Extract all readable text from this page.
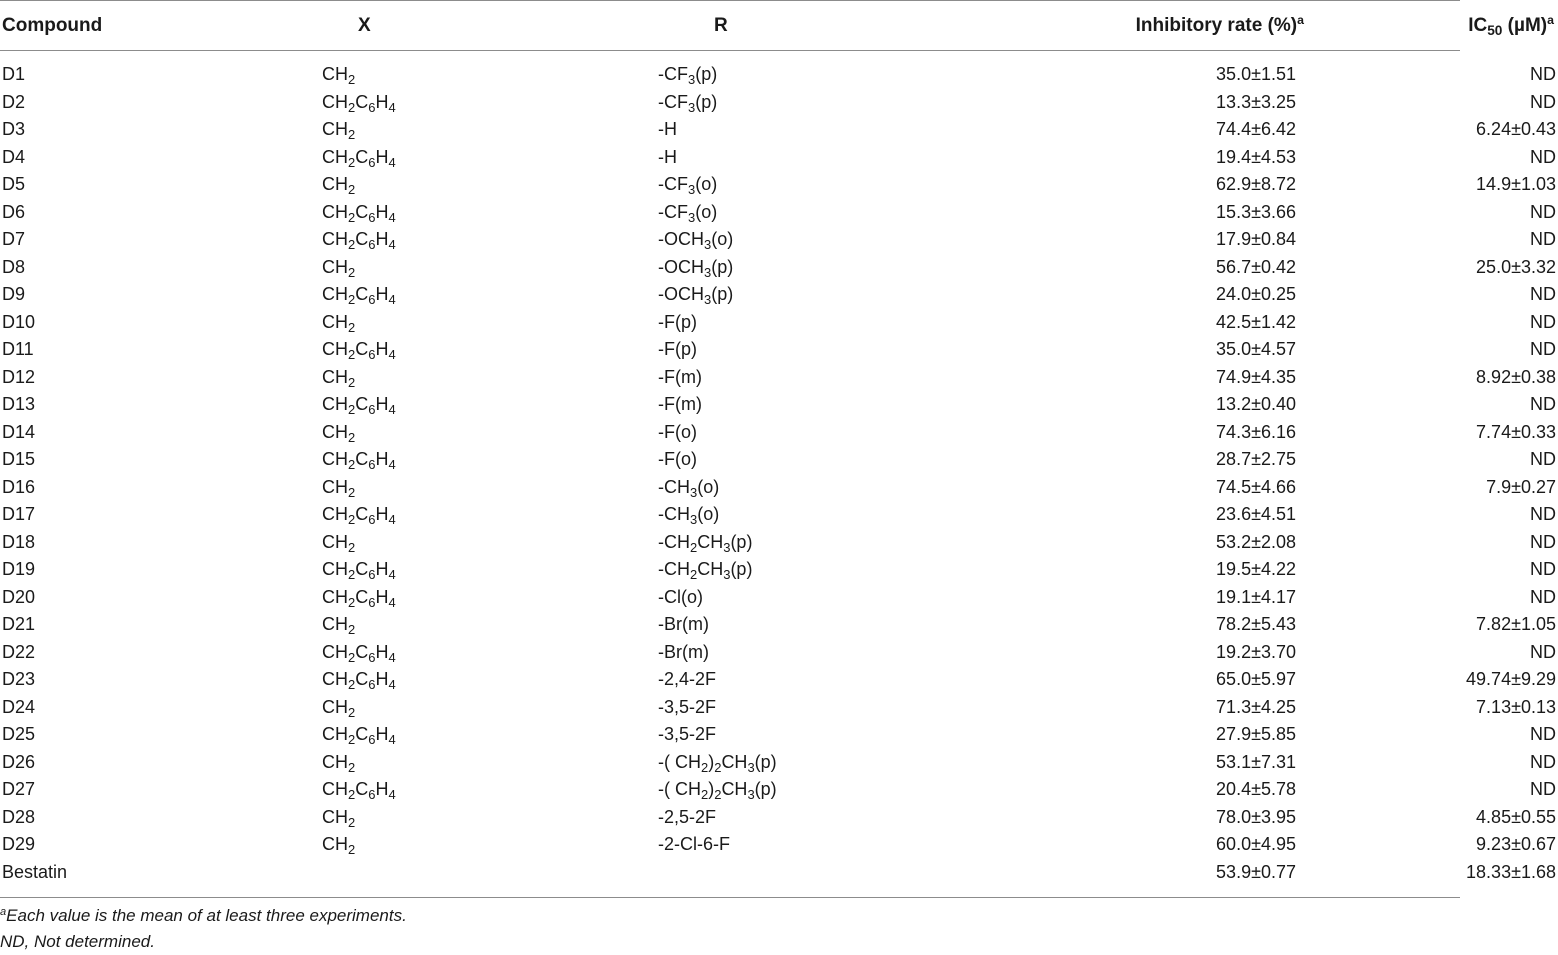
Compound	X	R	Inhibitory rate (%)$^a$	$IC_{50}$ $(\mu M)^a$
D1	$CH_2$	$-CF_3(p)$	35.0±1.51	ND
D2	$CH_2C_6H_4$	$-CF_3(p)$	13.3±3.25	ND
D3	$CH_2$	-H	74.4±6.42	6.24±0.43
D4	$CH_2C_6H_4$	-H	19.4±4.53	ND
D5	$CH_2$	$-CF_3(o)$	62.9±8.72	14.9±1.03
D6	$CH_2C_6H_4$	$-CF_3(o)$	15.3±3.66	ND
D7	$CH_2C_6H_4$	$-OCH_3(o)$	17.9±0.84	ND
D8	$CH_2$	$-OCH_3(p)$	56.7±0.42	25.0±3.32
D9	$CH_2C_6H_4$	$-OCH_3(p)$	24.0±0.25	ND
D10	$CH_2$	-F(p)	42.5±1.42	ND
D11	$CH_2C_6H_4$	-F(p)	35.0±4.57	ND
D12	$CH_2$	-F(m)	74.9±4.35	8.92±0.38
D13	$CH_2C_6H_4$	-F(m)	13.2±0.40	ND
D14	$CH_2$	-F(o)	74.3±6.16	7.74±0.33
D15	$CH_2C_6H_4$	-F(o)	28.7±2.75	ND
D16	$CH_2$	$-CH_3(o)$	74.5±4.66	7.9±0.27
D17	$CH_2C_6H_4$	$-CH_3(o)$	23.6±4.51	ND
D18	$CH_2$	$-CH_2CH_3(p)$	53.2±2.08	ND
D19	$CH_2C_6H_4$	$-CH_2CH_3(p)$	19.5±4.22	ND
D20	$CH_2C_6H_4$	-Cl(o)	19.1±4.17	ND
D21	$CH_2$	-Br(m)	78.2±5.43	7.82±1.05
D22	$CH_2C_6H_4$	-Br(m)	19.2±3.70	ND
D23	$CH_2C_6H_4$	-2,4-2F	65.0±5.97	49.74±9.29
D24	$CH_2$	-3,5-2F	71.3±4.25	7.13±0.13
D25	$CH_2C_6H_4$	-3,5-2F	27.9±5.85	ND
D26	$CH_2$	-( $CH_2)_2CH_3(p)$	53.1±7.31	ND
D27	$CH_2C_6H_4$	-( $CH_2)_2CH_3(p)$	20.4±5.78	ND
D28	$CH_2$	-2,5-2F	78.0±3.95	4.85±0.55
D29	$CH_2$	-2-Cl-6-F	60.0±4.95	9.23±0.67
Bestatin			53.9±0.77	18.33±1.68
$^a$Each value is the mean of at least three experiments.
ND, Not determined.
